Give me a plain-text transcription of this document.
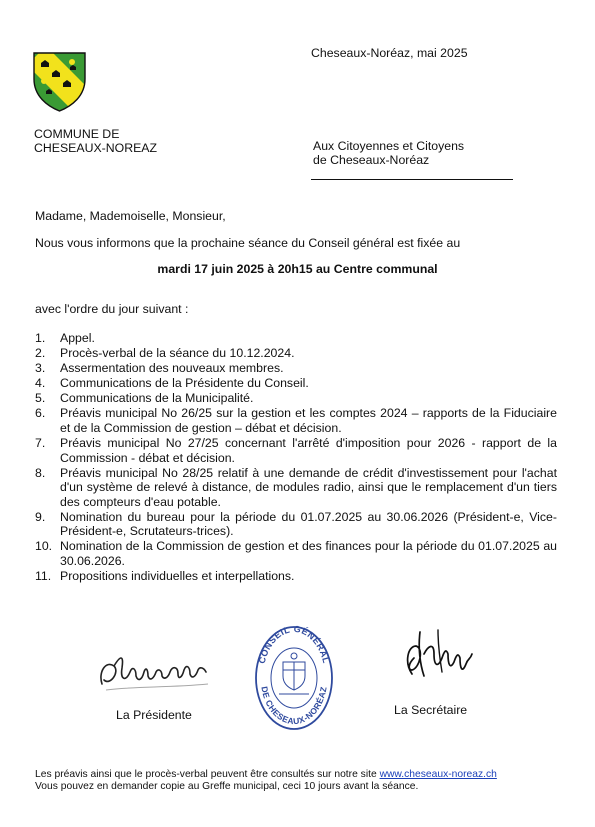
COMMUNE DE
CHESEAUX-NOREAZ
Cheseaux-Noréaz, mai 2025
Aux Citoyennes et Citoyens
de Cheseaux-Noréaz
Madame, Mademoiselle, Monsieur,
Nous vous informons que la prochaine séance du Conseil général est fixée au
mardi 17 juin 2025 à 20h15 au Centre communal
avec l'ordre du jour suivant :
1.	Appel.
2.	Procès-verbal de la séance du 10.12.2024.
3.	Assermentation des nouveaux membres.
4.	Communications de la Présidente du Conseil.
5.	Communications de la Municipalité.
6.	Préavis municipal No 26/25 sur la gestion et les comptes 2024 – rapports de la Fiduciaire et de la Commission de gestion – débat et décision.
7.	Préavis municipal No 27/25 concernant l'arrêté d'imposition pour 2026 - rapport de la Commission - débat et décision.
8.	Préavis municipal No 28/25 relatif à une demande de crédit d'investissement pour l'achat d'un système de relevé à distance, de modules radio, ainsi que le remplacement d'un tiers des compteurs d'eau potable.
9.	Nomination du bureau pour la période du 01.07.2025 au 30.06.2026 (Président-e, Vice-Président-e, Scrutateurs-trices).
10. Nomination de la Commission de gestion et des finances pour la période du 01.07.2025 au 30.06.2026.
11. Propositions individuelles et interpellations.
CONSEIL GÉNÉRAL
DE CHESEAUX-NORÉAZ
La Présidente	La Secrétaire
Les préavis ainsi que le procès-verbal peuvent être consultés sur notre site www.cheseaux-noreaz.ch
Vous pouvez en demander copie au Greffe municipal, ceci 10 jours avant la séance.
